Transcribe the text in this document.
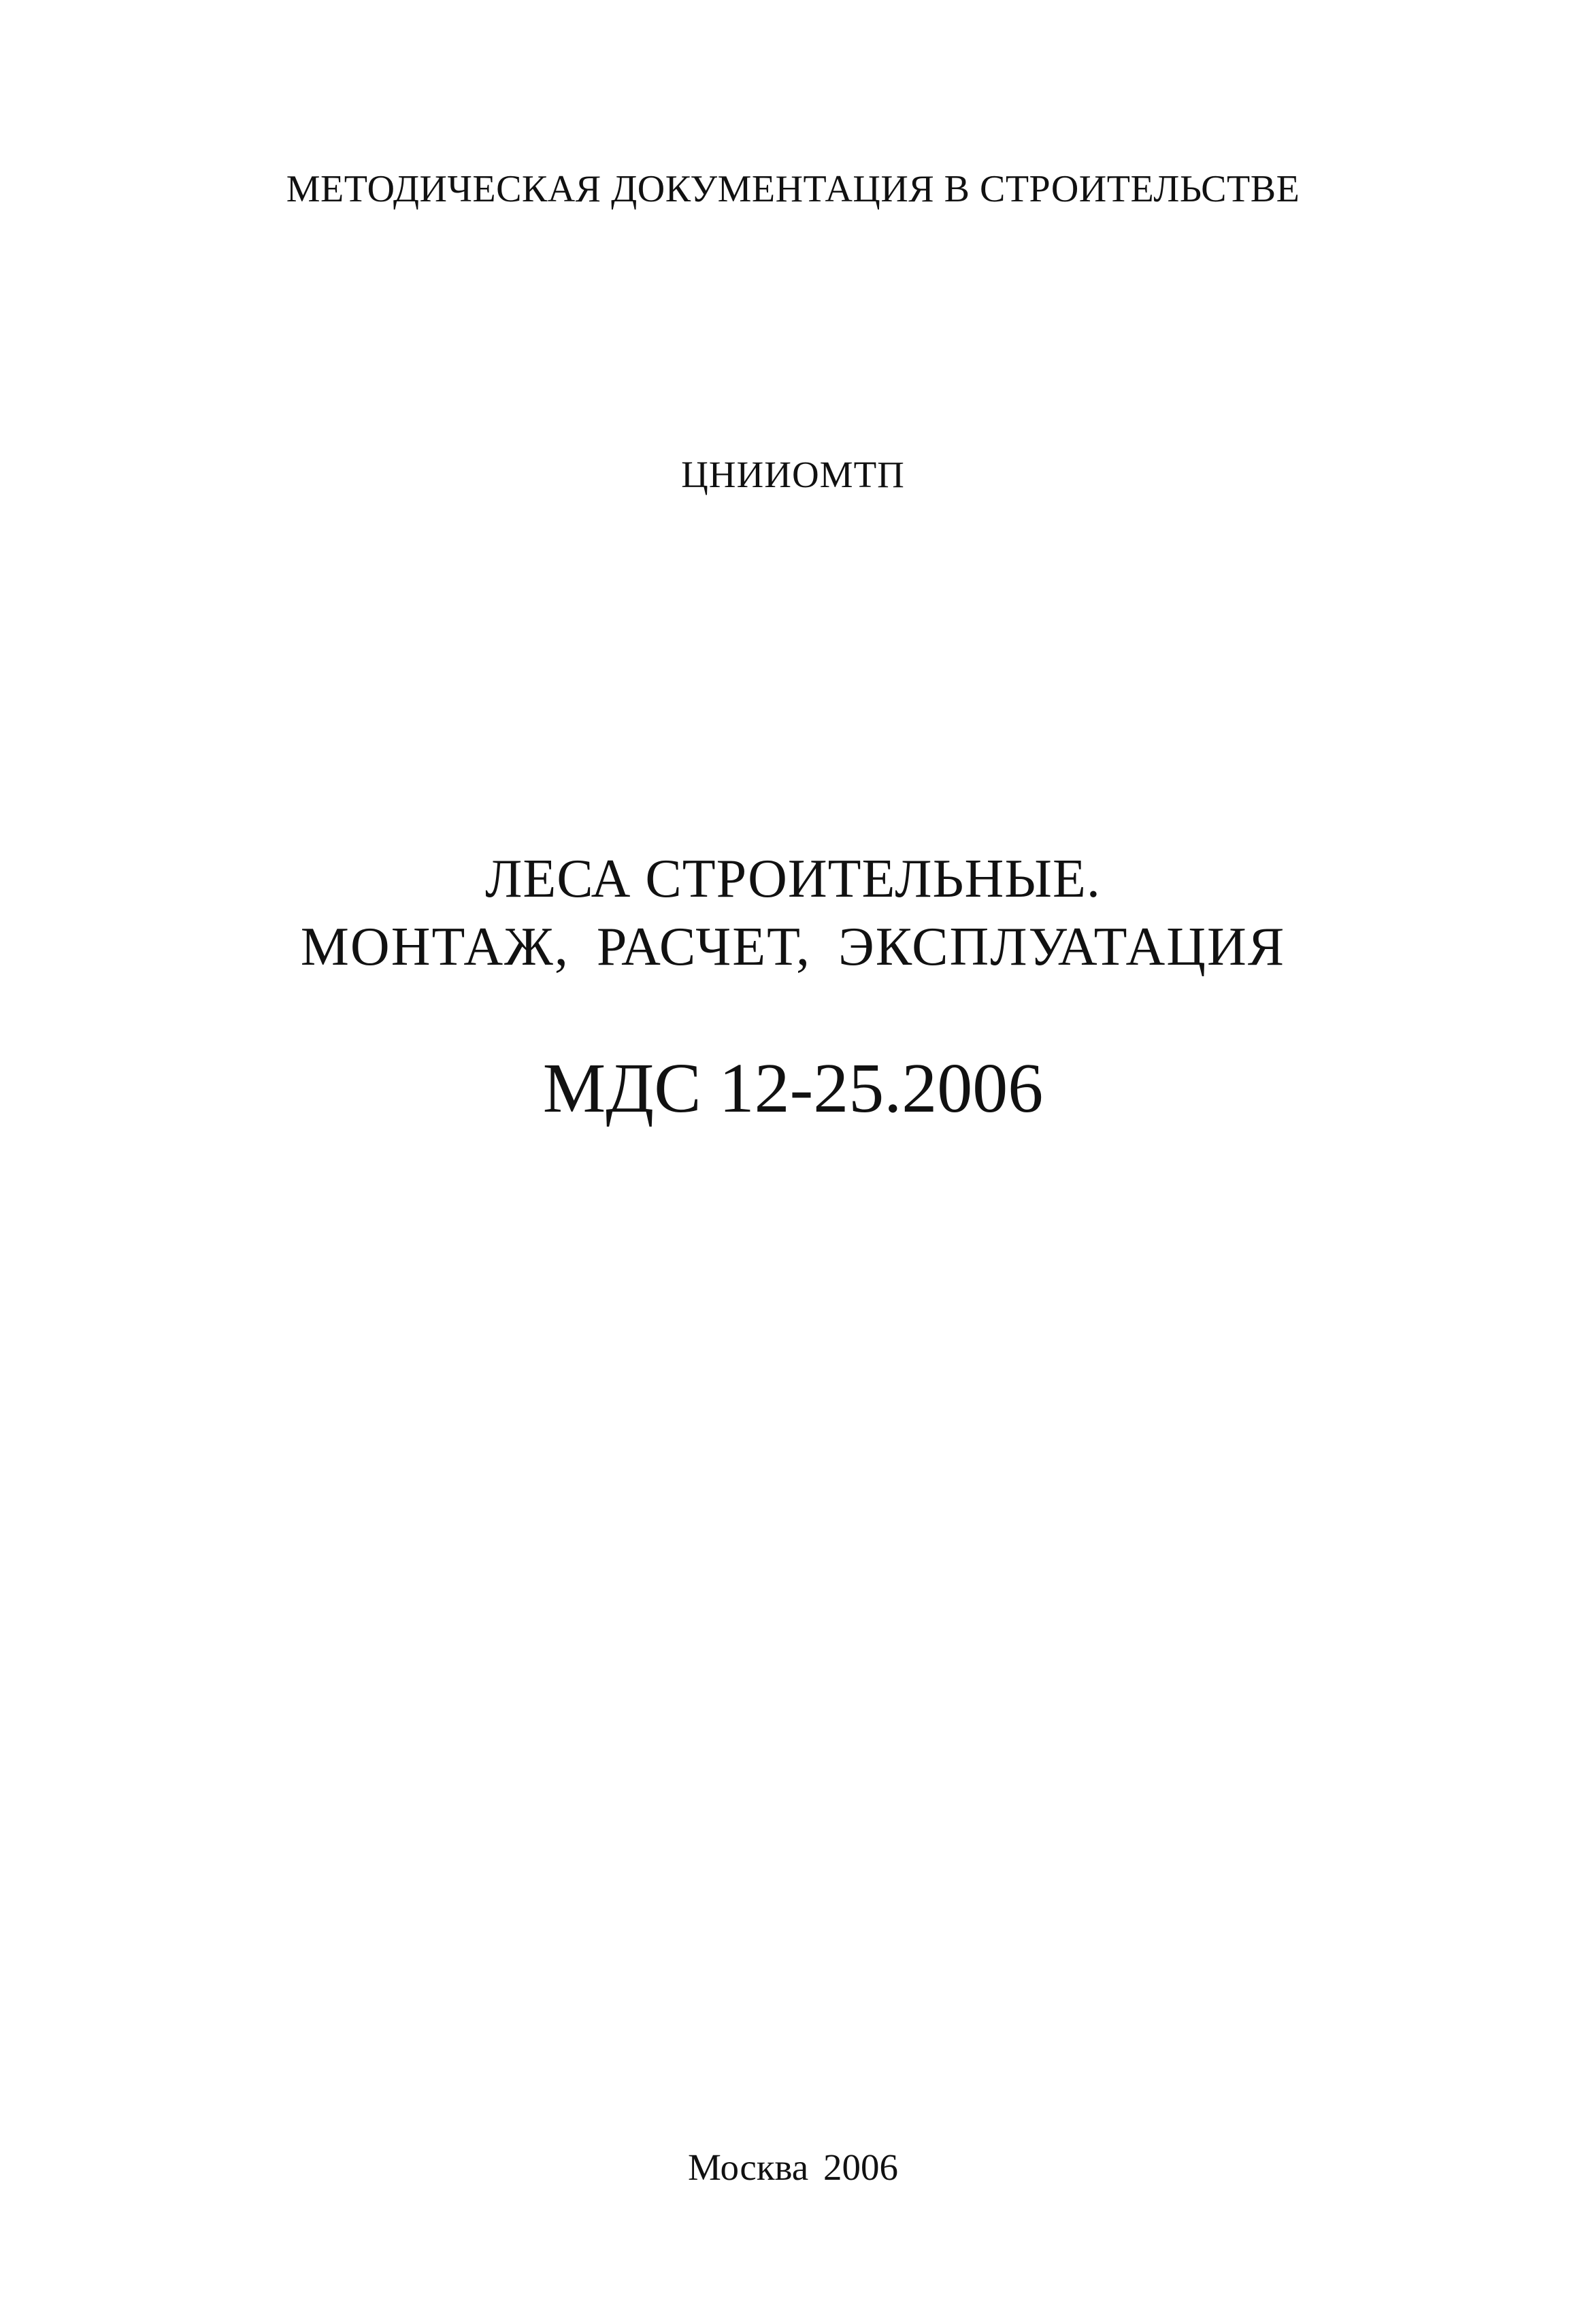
МЕТОДИЧЕСКАЯ ДОКУМЕНТАЦИЯ В СТРОИТЕЛЬСТВЕ
ЦНИИОМТП
ЛЕСА СТРОИТЕЛЬНЫЕ.
МОНТАЖ, РАСЧЕТ, ЭКСПЛУАТАЦИЯ
МДС 12-25.2006
Москва 2006
